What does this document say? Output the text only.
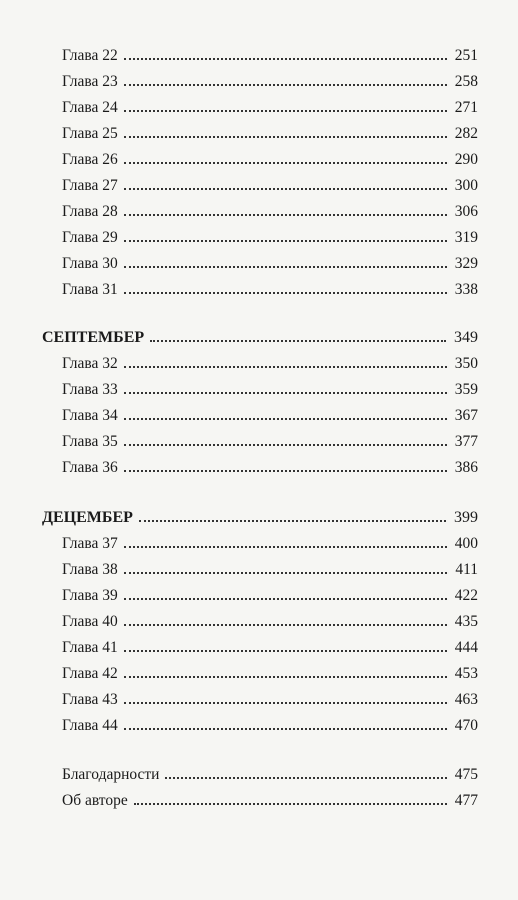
Глава 22	251
Глава 23	258
Глава 24	271
Глава 25	282
Глава 26	290
Глава 27	300
Глава 28	306
Глава 29	319
Глава 30	329
Глава 31	338
СЕПТЕМБЕР	349
Глава 32	350
Глава 33	359
Глава 34	367
Глава 35	377
Глава 36	386
ДЕЦЕМБЕР	399
Глава 37	400
Глава 38	411
Глава 39	422
Глава 40	435
Глава 41	444
Глава 42	453
Глава 43	463
Глава 44	470
Благодарности	475
Об авторе	477
